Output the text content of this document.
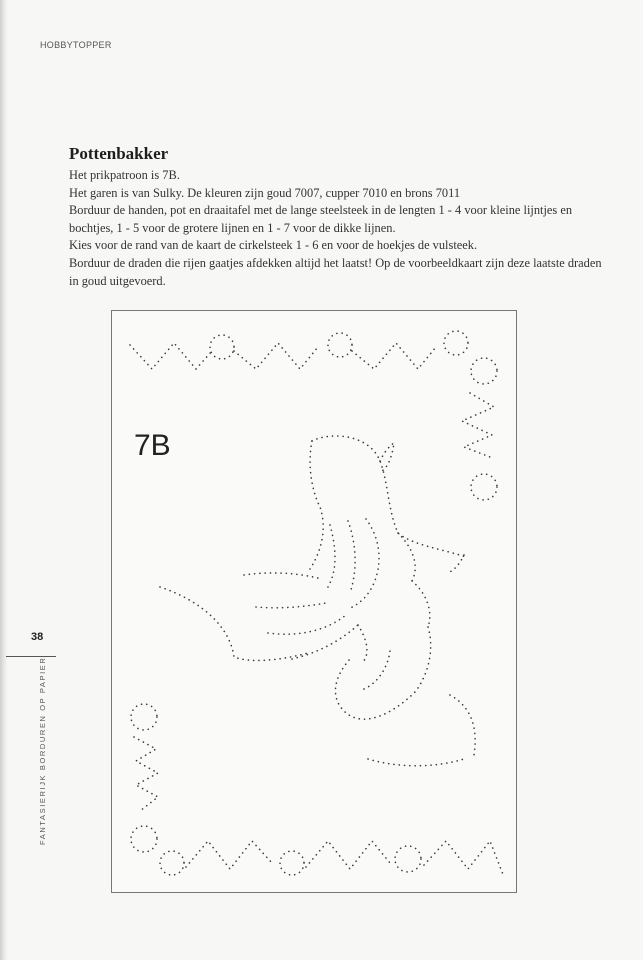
HOBBYTOPPER
Pottenbakker

Het prikpatroon is 7B.

Het garen is van Sulky. De kleuren zijn goud 7007, cupper 7010 en brons 7011

Borduur de handen, pot en draaitafel met de lange steelsteek in de lengten 1 - 4 voor kleine lijntjes en bochtjes, 1 - 5 voor de grotere lijnen en 1 - 7 voor de dikke lijnen.

Kies voor de rand van de kaart de cirkelsteek 1 - 6 en voor de hoekjes de vulsteek.

Borduur de draden die rijen gaatjes afdekken altijd het laatst! Op de voorbeeldkaart zijn deze laatste draden in goud uitgevoerd.

7B
38
FANTASIERIJK BORDUREN OP PAPIER
